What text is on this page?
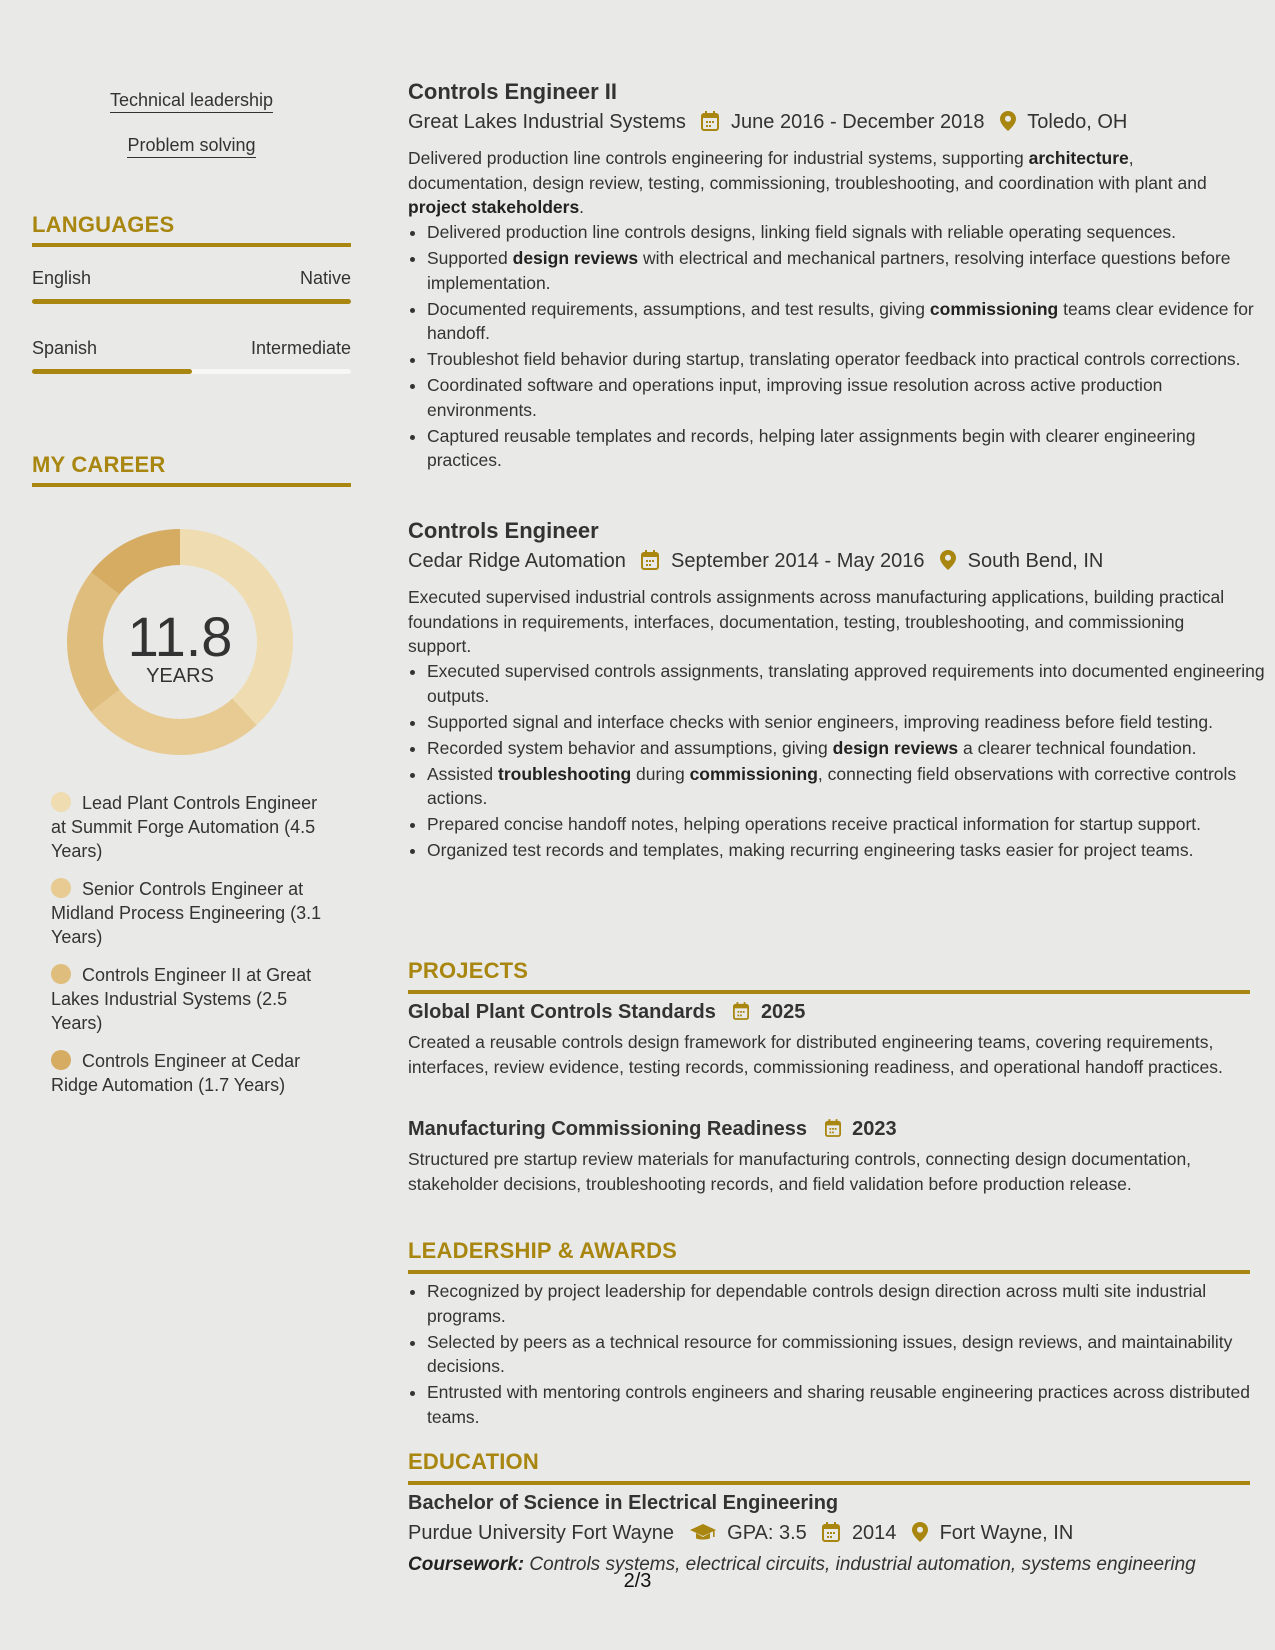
Technical leadership
Problem solving
LANGUAGES
English	Native
Spanish	Intermediate
MY CAREER
11.8
YEARS
Lead Plant Controls Engineer at Summit Forge Automation (4.5 Years)
Senior Controls Engineer at Midland Process Engineering (3.1 Years)
Controls Engineer II at Great Lakes Industrial Systems (2.5 Years)
Controls Engineer at Cedar Ridge Automation (1.7 Years)
Controls Engineer II
Great Lakes Industrial Systems June 2016 - December 2018 Toledo, OH
Delivered production line controls engineering for industrial systems, supporting architecture, documentation, design review, testing, commissioning, troubleshooting, and coordination with plant and project stakeholders.
• Delivered production line controls designs, linking field signals with reliable operating sequences.
• Supported design reviews with electrical and mechanical partners, resolving interface questions before implementation.
• Documented requirements, assumptions, and test results, giving commissioning teams clear evidence for handoff.
• Troubleshot field behavior during startup, translating operator feedback into practical controls corrections.
• Coordinated software and operations input, improving issue resolution across active production environments.
• Captured reusable templates and records, helping later assignments begin with clearer engineering practices.
Controls Engineer
Cedar Ridge Automation September 2014 - May 2016 South Bend, IN
Executed supervised industrial controls assignments across manufacturing applications, building practical foundations in requirements, interfaces, documentation, testing, troubleshooting, and commissioning support.
• Executed supervised controls assignments, translating approved requirements into documented engineering outputs.
• Supported signal and interface checks with senior engineers, improving readiness before field testing.
• Recorded system behavior and assumptions, giving design reviews a clearer technical foundation.
• Assisted troubleshooting during commissioning, connecting field observations with corrective controls actions.
• Prepared concise handoff notes, helping operations receive practical information for startup support.
• Organized test records and templates, making recurring engineering tasks easier for project teams.
PROJECTS
Global Plant Controls Standards 2025
Created a reusable controls design framework for distributed engineering teams, covering requirements, interfaces, review evidence, testing records, commissioning readiness, and operational handoff practices.
Manufacturing Commissioning Readiness 2023
Structured pre startup review materials for manufacturing controls, connecting design documentation, stakeholder decisions, troubleshooting records, and field validation before production release.
LEADERSHIP & AWARDS
• Recognized by project leadership for dependable controls design direction across multi site industrial programs.
• Selected by peers as a technical resource for commissioning issues, design reviews, and maintainability decisions.
• Entrusted with mentoring controls engineers and sharing reusable engineering practices across distributed teams.
EDUCATION
Bachelor of Science in Electrical Engineering
Purdue University Fort Wayne	GPA: 3.5 2014 Fort Wayne, IN
Coursework: Controls systems, electrical circuits, industrial automation, systems engineering
2/3
